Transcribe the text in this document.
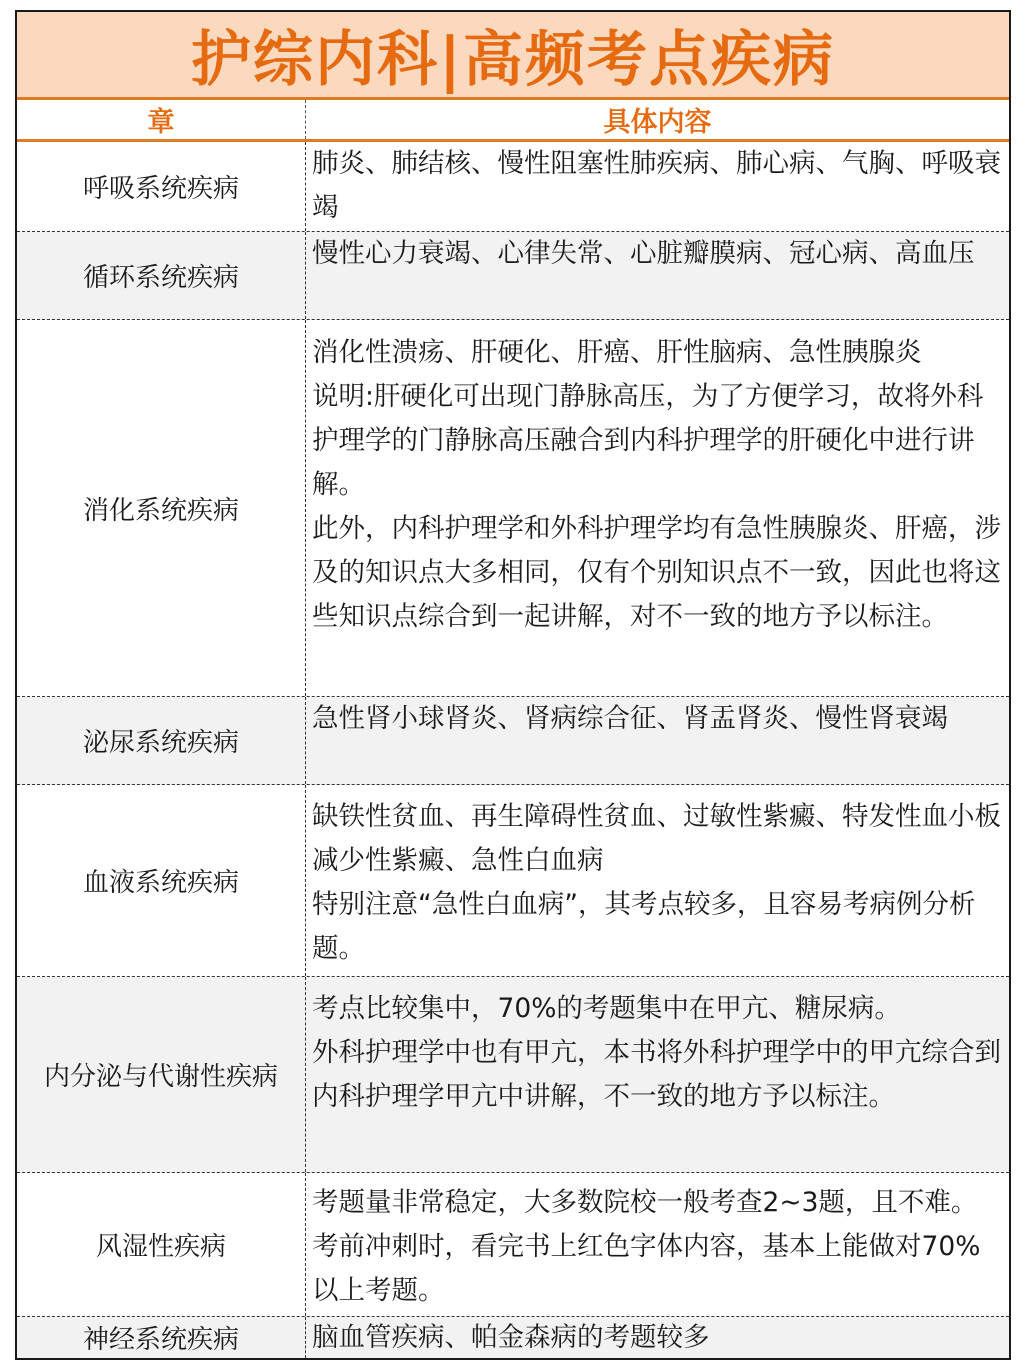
护综内科|高频考点疾病
章	具体内容
呼吸系统疾病

肺炎、肺结核、慢性阻塞性肺疾病、肺心病、气胸、呼吸衰竭

循环系统疾病

慢性心力衰竭、心律失常、心脏瓣膜病、冠心病、高血压

消化系统疾病

消化性溃疡、肝硬化、肝癌、肝性脑病、急性胰腺炎

说明:肝硬化可出现门静脉高压，为了方便学习，故将外科护理学的门静脉高压融合到内科护理学的肝硬化中进行讲解。

此外，内科护理学和外科护理学均有急性胰腺炎、肝癌，涉及的知识点大多相同，仅有个别知识点不一致，因此也将这些知识点综合到一起讲解，对不一致的地方予以标注。

泌尿系统疾病

急性肾小球肾炎、肾病综合征、肾盂肾炎、慢性肾衰竭

血液系统疾病

缺铁性贫血、再生障碍性贫血、过敏性紫癜、特发性血小板减少性紫癜、急性白血病

特别注意“急性白血病”，其考点较多，且容易考病例分析题。

内分泌与代谢性疾病

考点比较集中，70%的考题集中在甲亢、糖尿病。

外科护理学中也有甲亢，本书将外科护理学中的甲亢综合到内科护理学甲亢中讲解，不一致的地方予以标注。

风湿性疾病

考题量非常稳定，大多数院校一般考查2~3题，且不难。考前冲刺时，看完书上红色字体内容，基本上能做对70%以上考题。

神经系统疾病	脑血管疾病、帕金森病的考题较多
